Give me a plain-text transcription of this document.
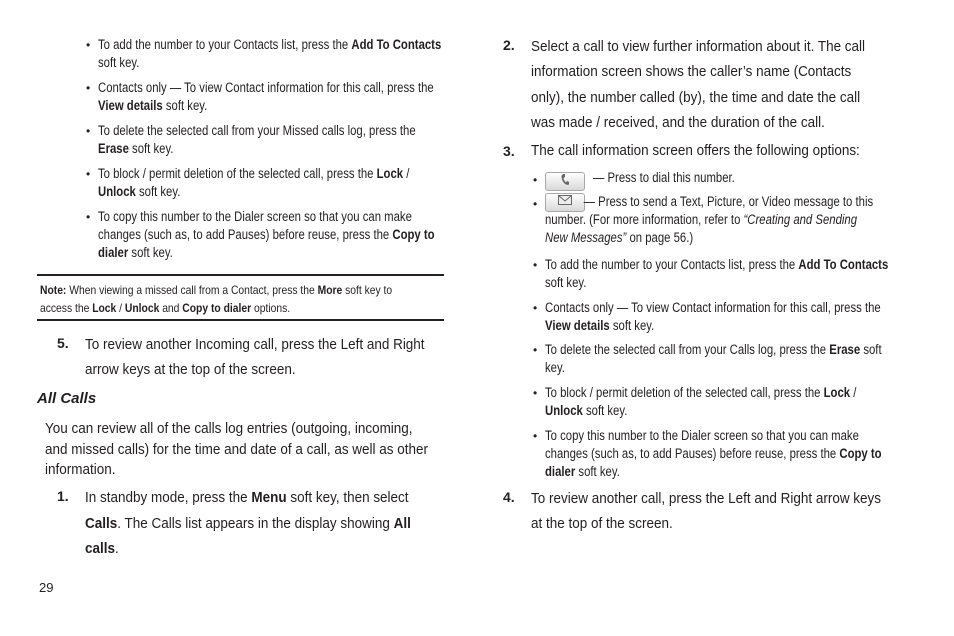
• To add the number to your Contacts list, press the Add To Contacts
soft key.
• Contacts only — To view Contact information for this call, press the
View details soft key.
• To delete the selected call from your Missed calls log, press the
Erase soft key.
• To block / permit deletion of the selected call, press the Lock /
Unlock soft key.
• To copy this number to the Dialer screen so that you can make
changes (such as, to add Pauses) before reuse, press the Copy to
dialer soft key.
Note: When viewing a missed call from a Contact, press the More soft key to
access the Lock / Unlock and Copy to dialer options.
5. To review another Incoming call, press the Left and Right
arrow keys at the top of the screen.
All Calls
You can review all of the calls log entries (outgoing, incoming,
and missed calls) for the time and date of a call, as well as other
information.
1. In standby mode, press the Menu soft key, then select
Calls. The Calls list appears in the display showing All
calls.
29
2. Select a call to view further information about it. The call
information screen shows the caller’s name (Contacts
only), the number called (by), the time and date the call
was made / received, and the duration of the call.
3. The call information screen offers the following options:
•
	— Press to dial this number.
•	— Press to send a Text, Picture, or Video message to this
number. (For more information, refer to “Creating and Sending
New Messages” on page 56.)
• To add the number to your Contacts list, press the Add To Contacts
soft key.
• Contacts only — To view Contact information for this call, press the
View details soft key.
• To delete the selected call from your Calls log, press the Erase soft
key.
• To block / permit deletion of the selected call, press the Lock /
Unlock soft key.
• To copy this number to the Dialer screen so that you can make
changes (such as, to add Pauses) before reuse, press the Copy to
dialer soft key.
4. To review another call, press the Left and Right arrow keys
at the top of the screen.
